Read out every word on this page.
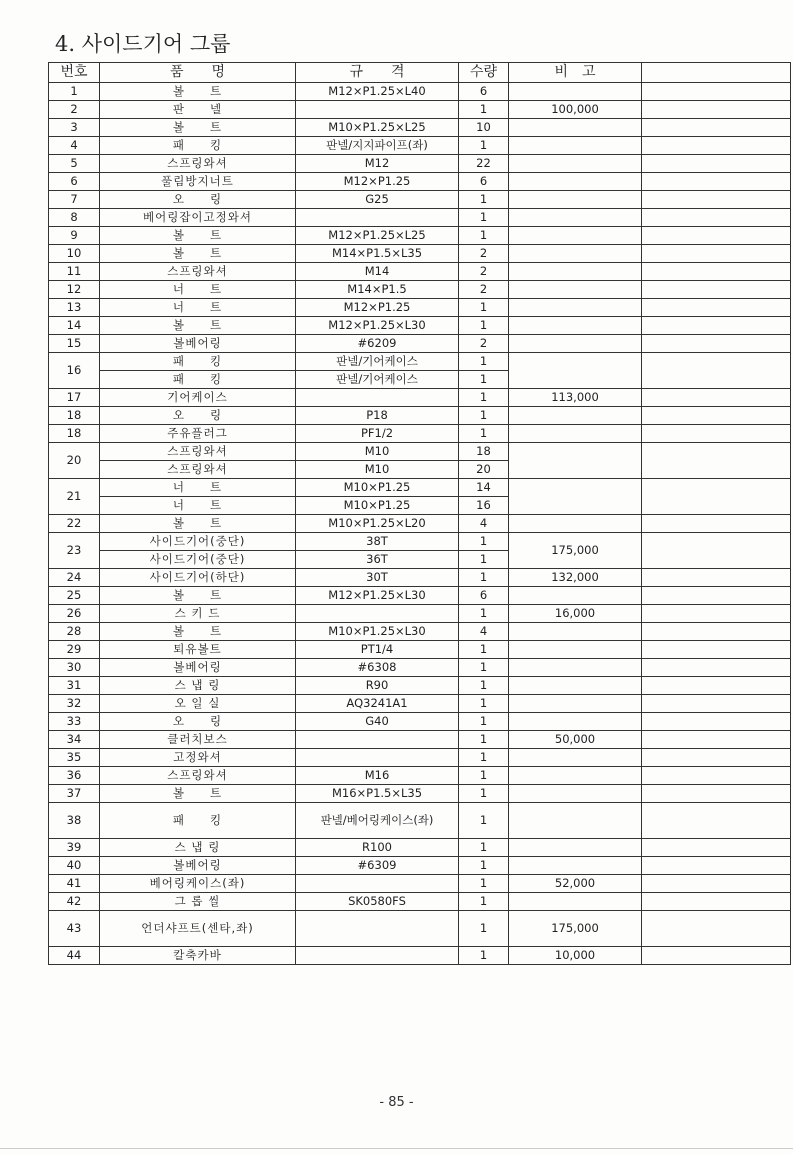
4. 사이드기어 그룹
번호	품　　명	규　　격	수량	비　고	
1	볼　　트	M12×P1.25×L40	6		
2	판　　넬		1	100,000	
3	볼　　트	M10×P1.25×L25	10		
4	패　　킹	판넬/지지파이프(좌)	1		
5	스프링와셔	M12	22		
6	풀림방지너트	M12×P1.25	6		
7	오　　링	G25	1		
8	베어링잡이고정와셔		1		
9	볼　　트	M12×P1.25×L25	1		
10	볼　　트	M14×P1.5×L35	2		
11	스프링와셔	M14	2		
12	너　　트	M14×P1.5	2		
13	너　　트	M12×P1.25	1		
14	볼　　트	M12×P1.25×L30	1		
15	볼베어링	#6209	2		
16	패　　킹	판넬/기어케이스	1		
	패　　킹	판넬/기어케이스	1		
17	기어케이스		1	113,000	
18	오　　링	P18	1		
18	주유플러그	PF1/2	1		
20	스프링와셔	M10	18		
	스프링와셔	M10	20		
21	너　　트	M10×P1.25	14		
	너　　트	M10×P1.25	16		
22	볼　　트	M10×P1.25×L20	4		
23	사이드기어(중단)	38T	1	175,000	
	사이드기어(중단)	36T	1		
24	사이드기어(하단)	30T	1	132,000	
25	볼　　트	M12×P1.25×L30	6		
26	스 키 드		1	16,000	
28	볼　　트	M10×P1.25×L30	4		
29	퇴유볼트	PT1/4	1		
30	볼베어링	#6308	1		
31	스 냅 링	R90	1		
32	오 일 실	AQ3241A1	1		
33	오　　링	G40	1		
34	클러치보스		1	50,000	
35	고정와셔		1		
36	스프링와셔	M16	1		
37	볼　　트	M16×P1.5×L35	1		
38	패　　킹	판넬/베어링케이스(좌)	1		
39	스 냅 링	R100	1		
40	볼베어링	#6309	1		
41	베어링케이스(좌)		1	52,000	
42	그 롭 씰	SK0580FS	1		
43	언더샤프트(센타,좌)		1	175,000	
44	칼축카바		1	10,000	
- 85 -
